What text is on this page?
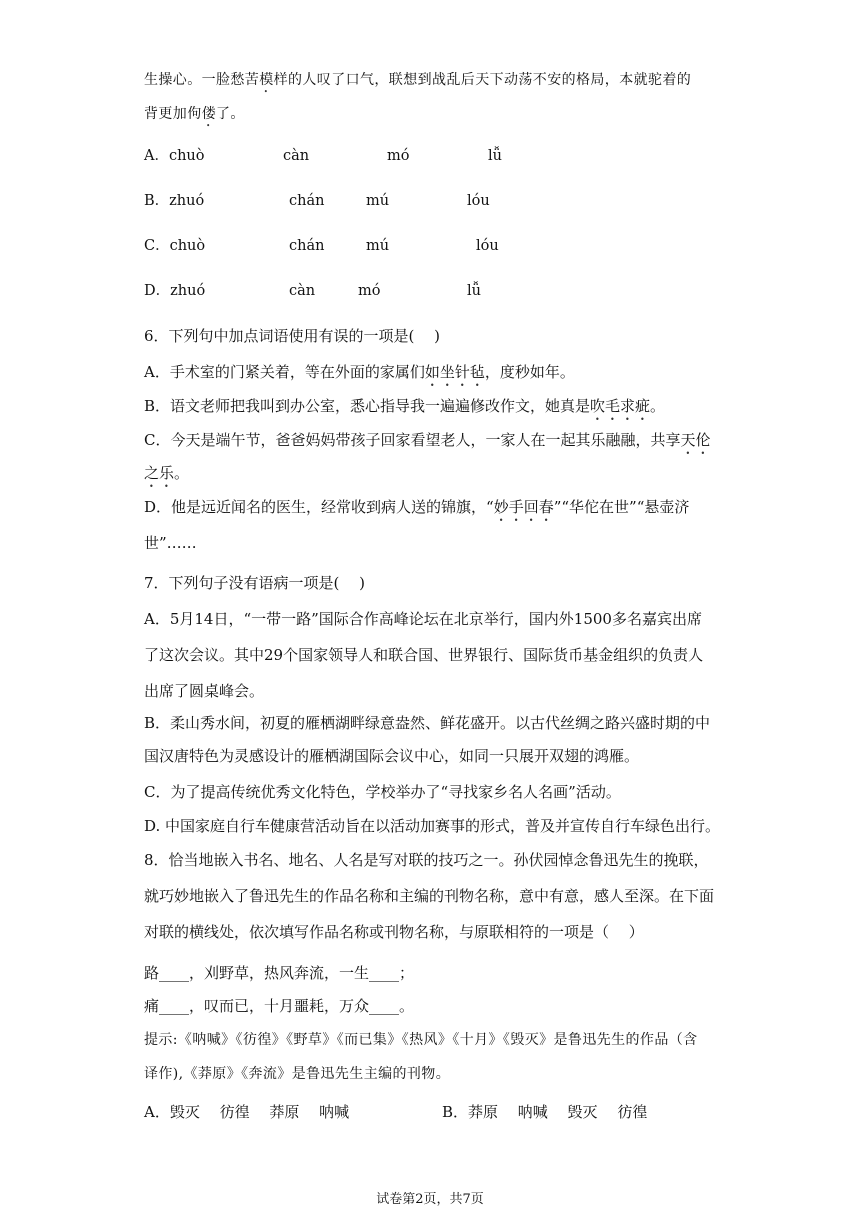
生操心。一脸愁苦模样的人叹了口气，联想到战乱后天下动荡不安的格局，本就驼着的
背更加佝偻了。
A．chuò	càn	mó	lǚ
B．zhuó	chán	mú	lóu
C．chuò	chán	mú	lóu
D．zhuó	càn	mó	lǚ
6．下列句中加点词语使用有误的一项是(　 )
A．手术室的门紧关着，等在外面的家属们如坐针毡，度秒如年。
B．语文老师把我叫到办公室，悉心指导我一遍遍修改作文，她真是吹毛求疵。
C．今天是端午节，爸爸妈妈带孩子回家看望老人，一家人在一起其乐融融，共享天伦
之乐。
D．他是远近闻名的医生，经常收到病人送的锦旗，“妙手回春”“华佗在世”“悬壶济
世”……
7．下列句子没有语病一项是(　 )
A．5月14日，“一带一路”国际合作高峰论坛在北京举行，国内外1500多名嘉宾出席
了这次会议。其中29个国家领导人和联合国、世界银行、国际货币基金组织的负责人
出席了圆桌峰会。
B．柔山秀水间，初夏的雁栖湖畔绿意盎然、鲜花盛开。以古代丝绸之路兴盛时期的中
国汉唐特色为灵感设计的雁栖湖国际会议中心，如同一只展开双翅的鸿雁。
C．为了提高传统优秀文化特色，学校举办了“寻找家乡名人名画”活动。
D. 中国家庭自行车健康营活动旨在以活动加赛事的形式，普及并宣传自行车绿色出行。
8．恰当地嵌入书名、地名、人名是写对联的技巧之一。孙伏园悼念鲁迅先生的挽联，
就巧妙地嵌入了鲁迅先生的作品名称和主编的刊物名称，意中有意，感人至深。在下面
对联的横线处，依次填写作品名称或刊物名称，与原联相符的一项是（　 ）
路____，刈野草，热风奔流，一生____；
痛____，叹而已，十月噩耗，万众____。
提示:《呐喊》《彷徨》《野草》《而已集》《热风》《十月》《毁灭》是鲁迅先生的作品（含
译作),《莽原》《奔流》是鲁迅先生主编的刊物。
A．毁灭　 彷徨　 莽原　 呐喊	B．莽原　 呐喊　 毁灭　 彷徨
试卷第2页，共7页
